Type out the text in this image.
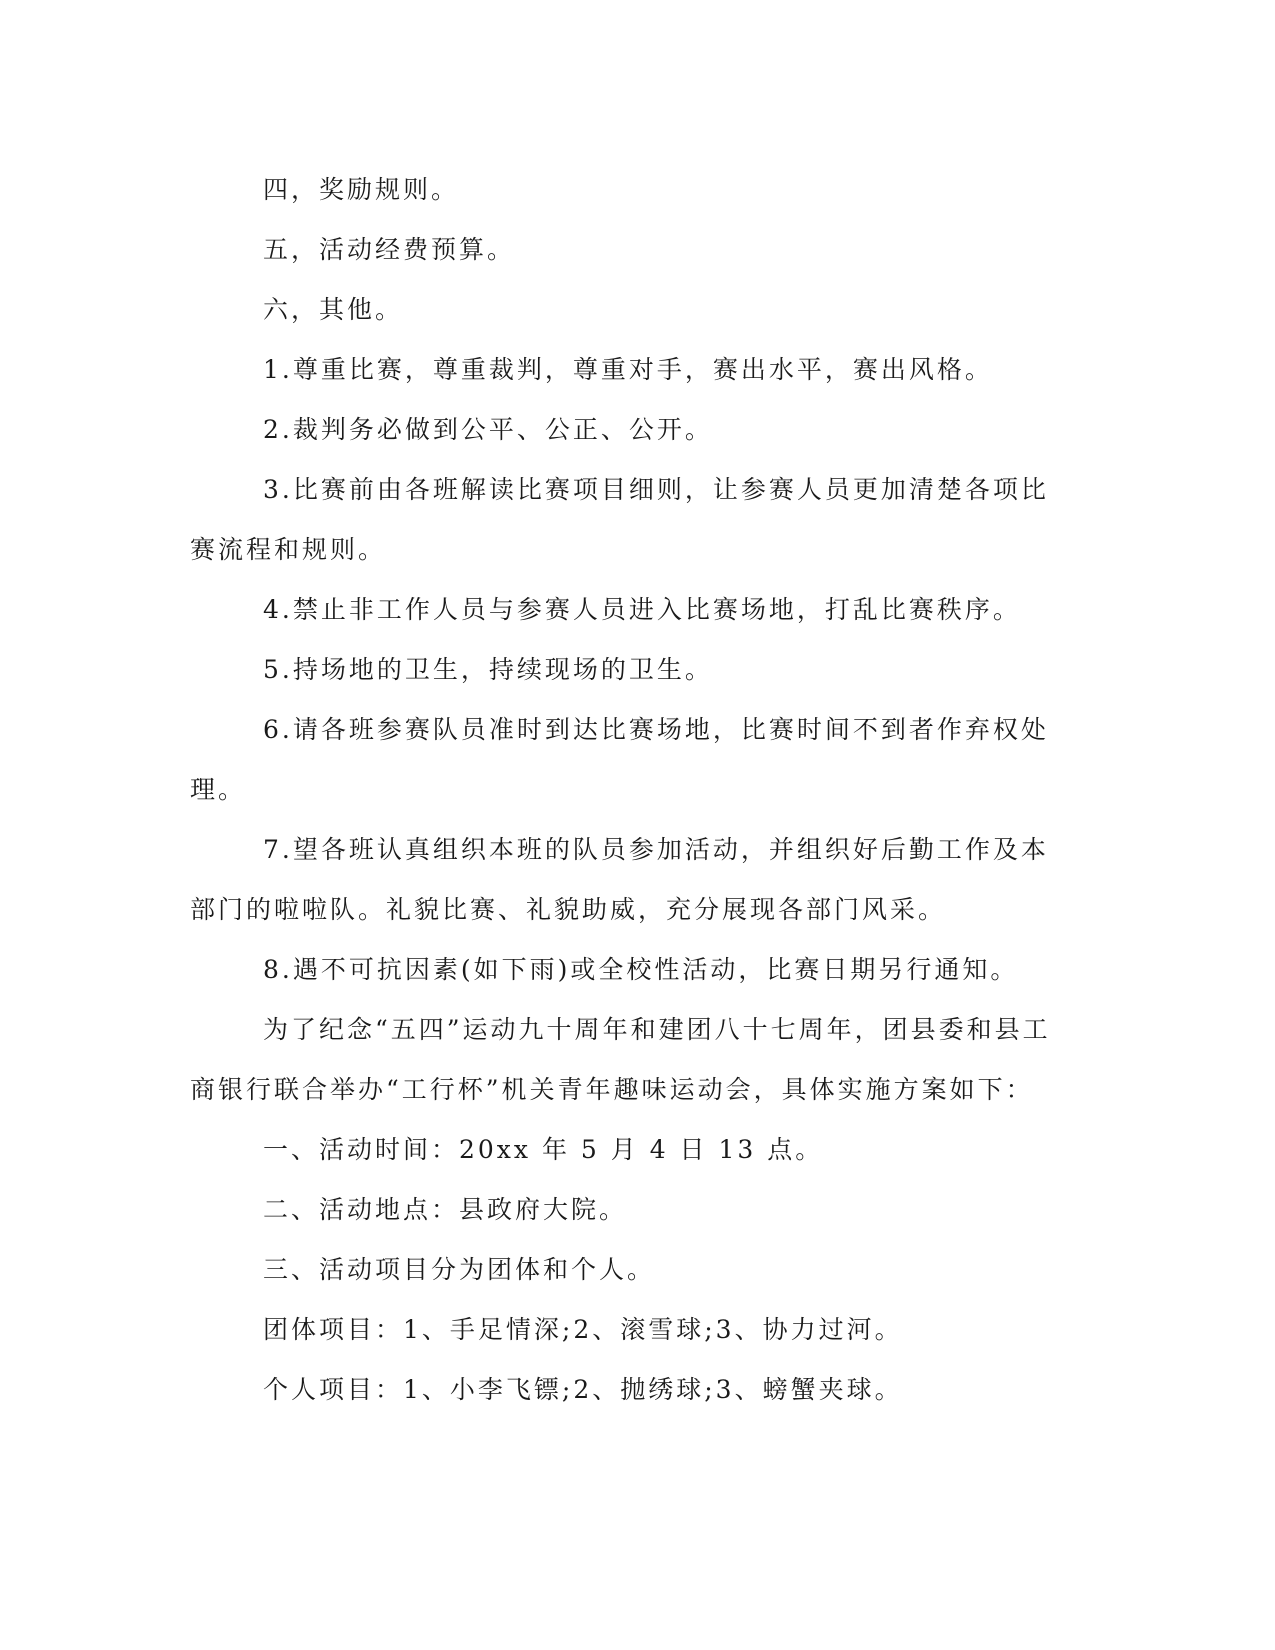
四，奖励规则。

五，活动经费预算。

六，其他。

1.尊重比赛，尊重裁判，尊重对手，赛出水平，赛出风格。

2.裁判务必做到公平、公正、公开。

3.比赛前由各班解读比赛项目细则，让参赛人员更加清楚各项比赛流程和规则。

4.禁止非工作人员与参赛人员进入比赛场地，打乱比赛秩序。

5.持场地的卫生，持续现场的卫生。

6.请各班参赛队员准时到达比赛场地，比赛时间不到者作弃权处理。

7.望各班认真组织本班的队员参加活动，并组织好后勤工作及本部门的啦啦队。礼貌比赛、礼貌助威，充分展现各部门风采。

8.遇不可抗因素(如下雨)或全校性活动，比赛日期另行通知。

为了纪念“五四”运动九十周年和建团八十七周年，团县委和县工商银行联合举办“工行杯”机关青年趣味运动会，具体实施方案如下：

一、活动时间：20xx 年 5 月 4 日 13 点。

二、活动地点：县政府大院。

三、活动项目分为团体和个人。

团体项目：1、手足情深;2、滚雪球;3、协力过河。

个人项目：1、小李飞镖;2、抛绣球;3、螃蟹夹球。
